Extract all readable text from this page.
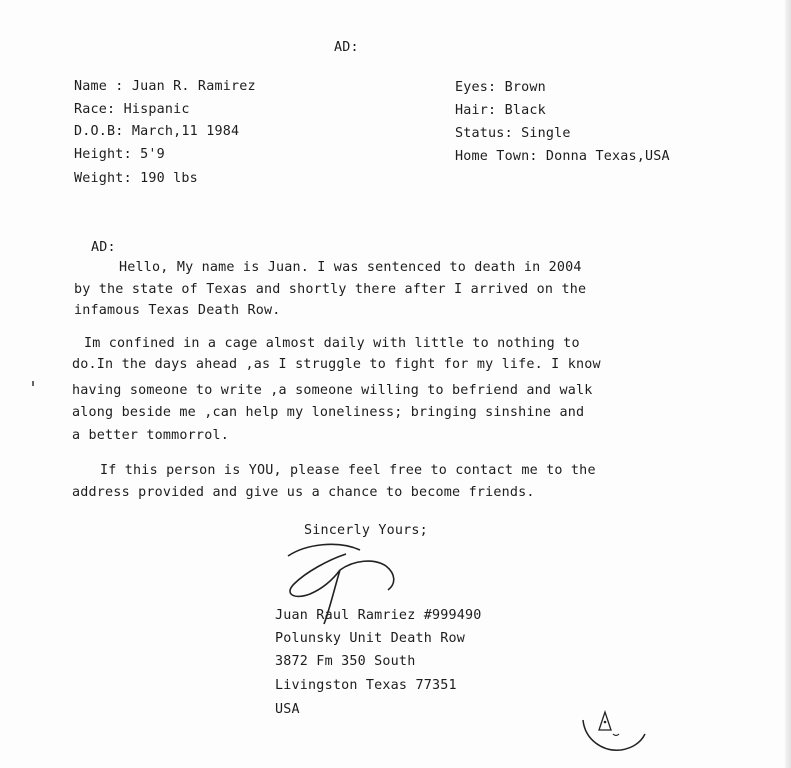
AD:
Name : Juan R. Ramirez
Race: Hispanic
D.O.B: March,11 1984
Height: 5'9
Weight: 190 lbs
Eyes: Brown
Hair: Black
Status: Single
Home Town: Donna Texas,USA
AD:
Hello, My name is Juan. I was sentenced to death in 2004
by the state of Texas and shortly there after I arrived on the
infamous Texas Death Row.
Im confined in a cage almost daily with little to nothing to
do.In the days ahead ,as I struggle to fight for my life. I know
having someone to write ,a someone willing to befriend and walk
along beside me ,can help my loneliness; bringing sinshine and
a better tommorrol.
If this person is YOU, please feel free to contact me to the
address provided and give us a chance to become friends.
Sincerly Yours;
Juan Raul Ramriez #999490
Polunsky Unit Death Row
3872 Fm 350 South
Livingston Texas 77351
USA
